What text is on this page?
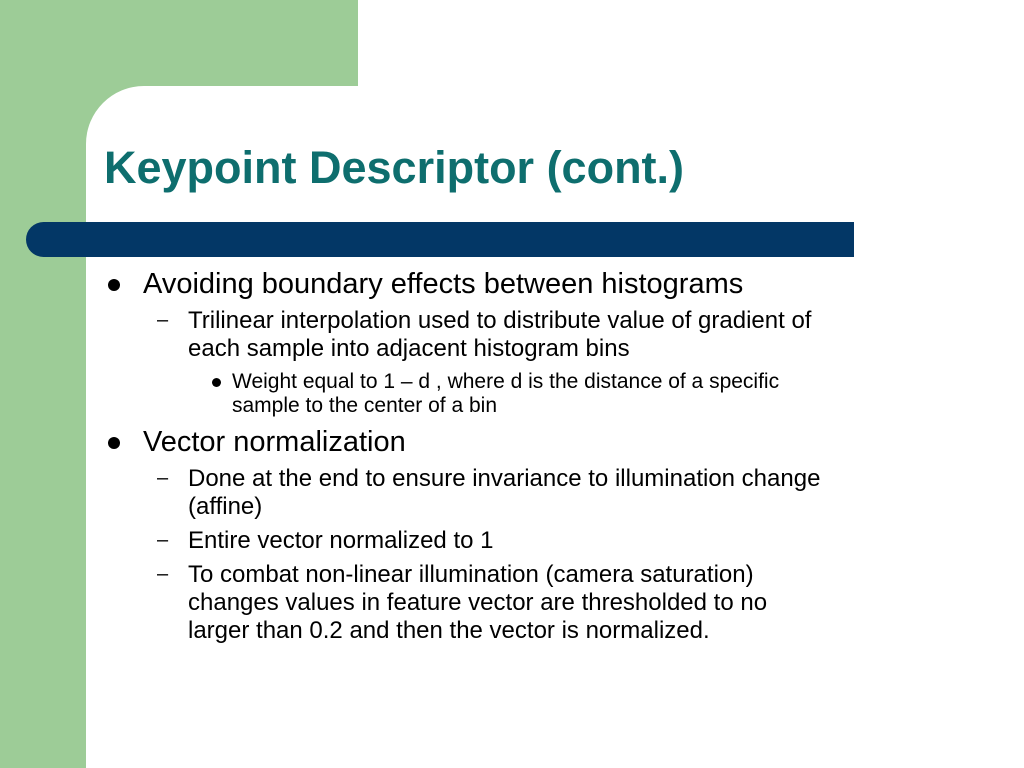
Keypoint Descriptor (cont.)
Avoiding boundary effects between histograms
– Trilinear interpolation used to distribute value of gradient of
each sample into adjacent histogram bins
Weight equal to 1 – d , where d is the distance of a specific
sample to the center of a bin
Vector normalization
– Done at the end to ensure invariance to illumination change
(affine)
– Entire vector normalized to 1
– To combat non-linear illumination (camera saturation)
changes values in feature vector are thresholded to no
larger than 0.2 and then the vector is normalized.
